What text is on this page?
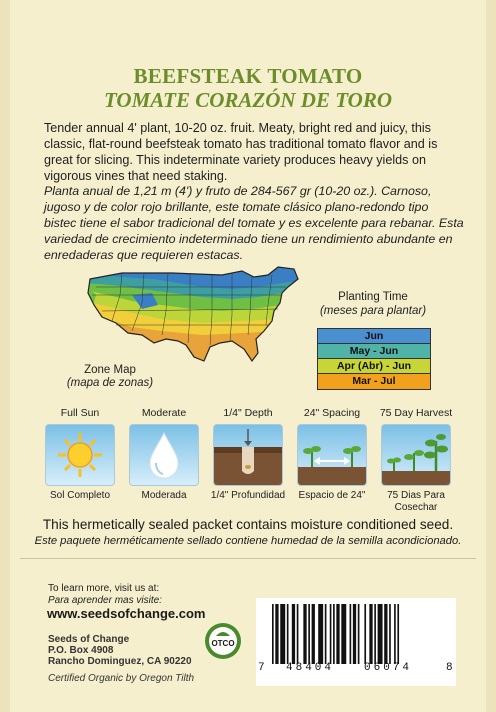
BEEFSTEAK TOMATO
TOMATE CORAZÓN DE TORO
Tender annual 4' plant, 10-20 oz. fruit. Meaty, bright red and juicy, this classic, flat-round beefsteak tomato has traditional tomato flavor and is great for slicing. This indeterminate variety produces heavy yields on vigorous vines that need staking.
Planta anual de 1,21 m (4') y fruto de 284-567 gr (10-20 oz.). Carnoso, jugoso y de color rojo brillante, este tomate clásico plano-redondo tipo bistec tiene el sabor tradicional del tomate y es excelente para rebanar. Esta variedad de crecimiento indeterminado tiene un rendimiento abundante en enredaderas que requieren estacas.
Planting Time
(meses para plantar)
Jun
May - Jun
Apr (Abr) - Jun
Mar - Jul
Zone Map
(mapa de zonas)
Full Sun
Sol Completo
Moderate
Moderada
1/4" Depth
1/4" Profundidad
24" Spacing
Espacio de 24"
75 Day Harvest
75 Dias Para Cosechar
This hermetically sealed packet contains moisture conditioned seed.
Este paquete herméticamente sellado contiene humedad de la semilla acondicionado.
To learn more, visit us at:
Para aprender mas visite:
www.seedsofchange.com
Seeds of Change
P.O. Box 4908
Rancho Dominguez, CA 90220
Certified Organic by Oregon Tilth
OTCO
7 48404	06074	8
